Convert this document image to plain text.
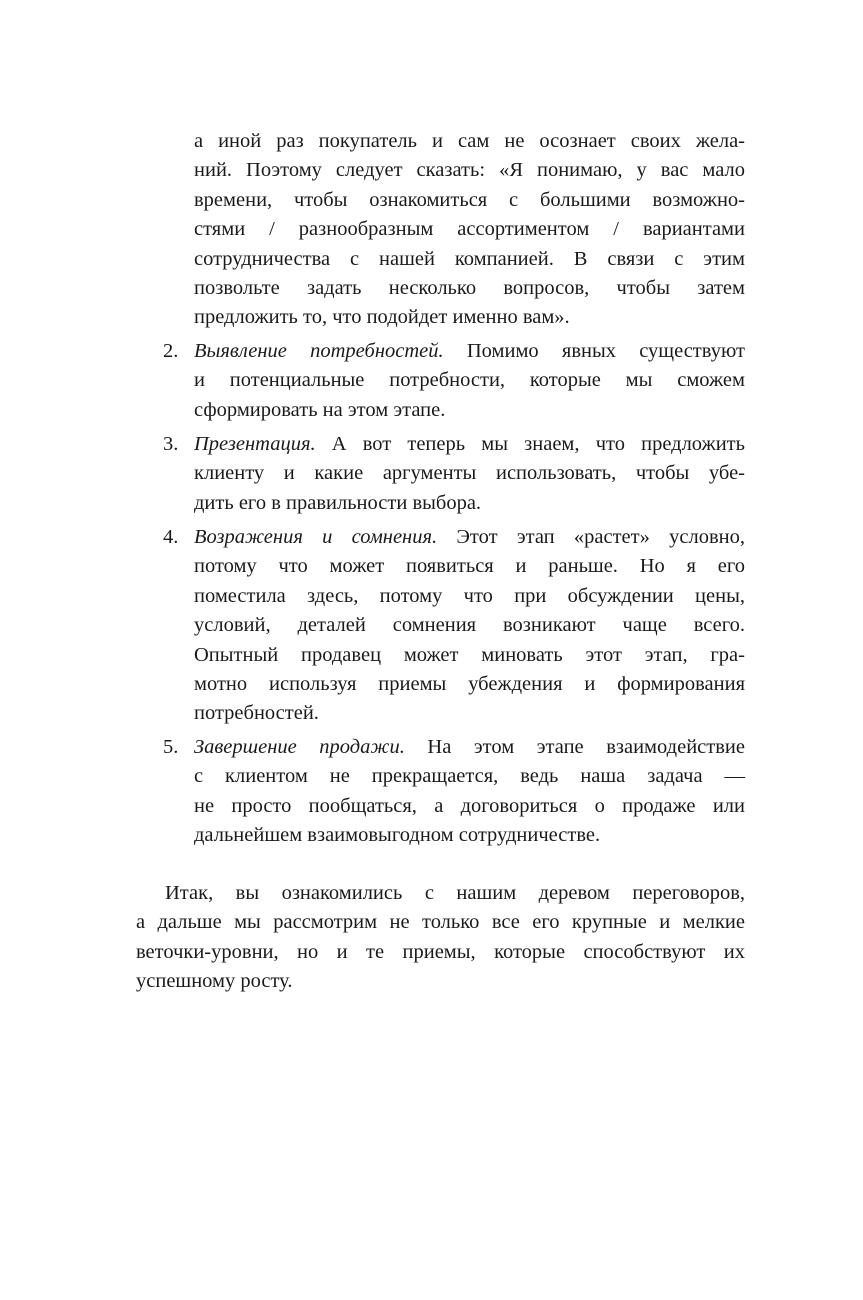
а иной раз покупатель и сам не осознает своих жела-
ний. Поэтому следует сказать: «Я понимаю, у вас мало
времени, чтобы ознакомиться с большими возможно-
стями / разнообразным ассортиментом / вариантами
сотрудничества с нашей компанией. В связи с этим
позвольте задать несколько вопросов, чтобы затем
предложить то, что подойдет именно вам».
2. Выявление потребностей. Помимо явных существуют
и потенциальные потребности, которые мы сможем
сформировать на этом этапе.
3. Презентация. А вот теперь мы знаем, что предложить
клиенту и какие аргументы использовать, чтобы убе-
дить его в правильности выбора.
4. Возражения и сомнения. Этот этап «растет» условно,
потому что может появиться и раньше. Но я его
поместила здесь, потому что при обсуждении цены,
условий, деталей сомнения возникают чаще всего.
Опытный продавец может миновать этот этап, гра-
мотно используя приемы убеждения и формирования
потребностей.
5. Завершение продажи. На этом этапе взаимодействие
с клиентом не прекращается, ведь наша задача —
не просто пообщаться, а договориться о продаже или
дальнейшем взаимовыгодном сотрудничестве.
Итак, вы ознакомились с нашим деревом переговоров,
а дальше мы рассмотрим не только все его крупные и мелкие
веточки-уровни, но и те приемы, которые способствуют их
успешному росту.
